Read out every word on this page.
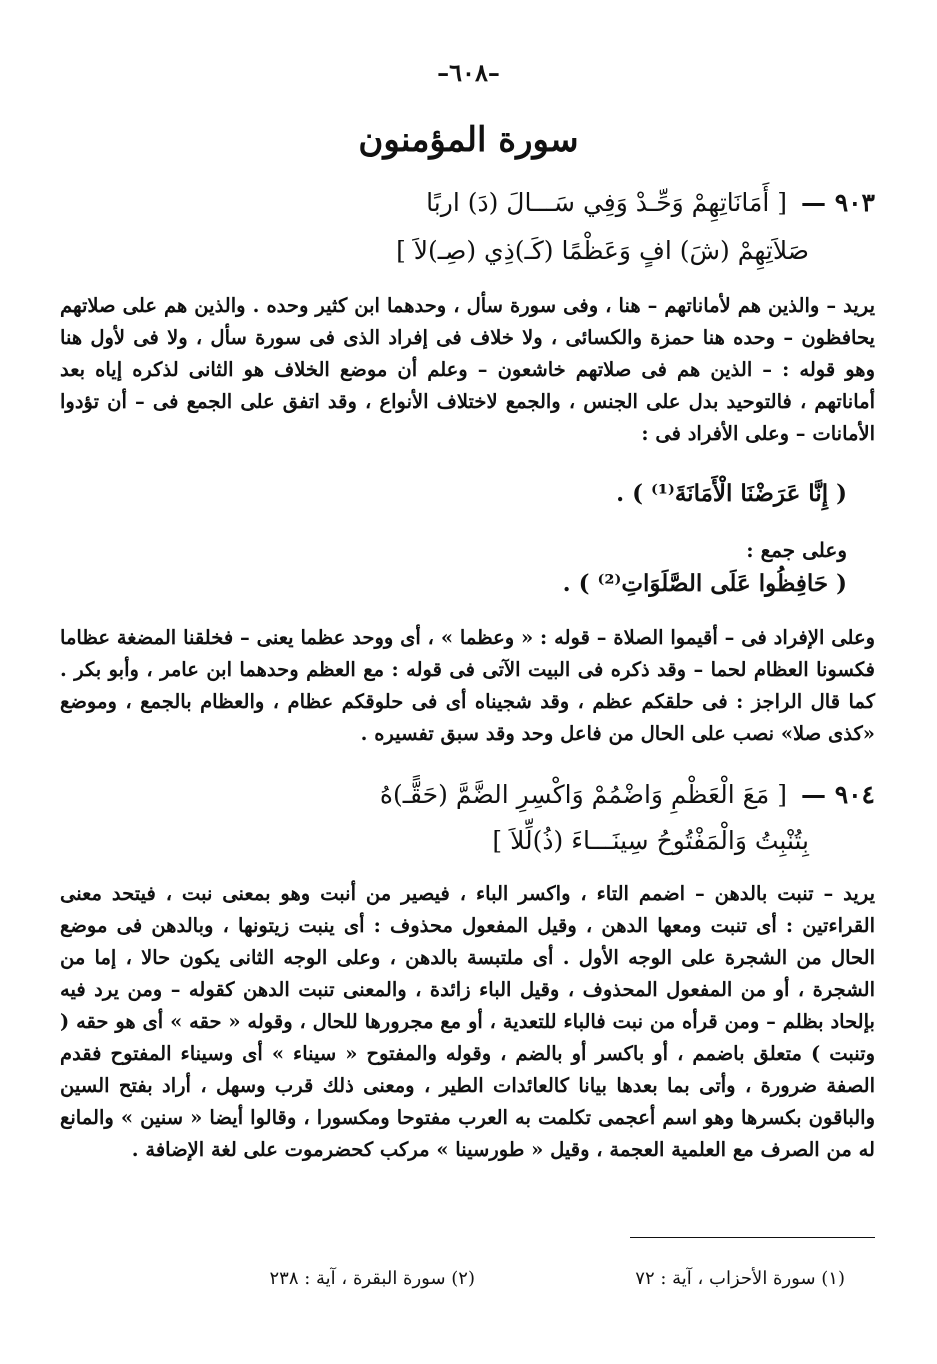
–٦٠٨–
سورة المؤمنون
٩٠٣ — [ أَمَانَاتِهِمْ وَحِّـدْ وَفِي سَـــالَ (دَ) اربًا
صَلاَتِهِمْ (شَ) افٍ وَعَظْمًا (كَـ)ذِي (صِـ)لاَ ]
يريد – والذين هم لأماناتهم – هنا ، وفى سورة سأل ، وحدهما ابن كثير وحده . والذين هم على صلاتهم يحافظون – وحده هنا حمزة والكسائى ، ولا خلاف فى إفراد الذى فى سورة سأل ، ولا فى لأول هنا وهو قوله : – الذين هم فى صلاتهم خاشعون – وعلم أن موضع الخلاف هو الثانى لذكره إياه بعد أماناتهم ، فالتوحيد بدل على الجنس ، والجمع لاختلاف الأنواع ، وقد اتفق على الجمع فى – أن تؤدوا الأمانات – وعلى الأفراد فى :
( إِنَّا عَرَضْنَا الْأَمَانَةَ⁽¹⁾ ) .
وعلى جمع :
( حَافِظُوا عَلَى الصَّلَوَاتِ⁽²⁾ ) .
وعلى الإفراد فى – أقيموا الصلاة – قوله : « وعظما » ، أى ووحد عظما يعنى – فخلقنا المضغة عظاما فكسونا العظام لحما – وقد ذكره فى البيت الآتى فى قوله : مع العظم وحدهما ابن عامر ، وأبو بكر . كما قال الراجز : فى حلقكم عظم ، وقد شجيناه أى فى حلوقكم عظام ، والعظام بالجمع ، وموضع «كذى صلا» نصب على الحال من فاعل وحد وقد سبق تفسيره .
٩٠٤ — [ مَعَ الْعَظْمِ وَاضْمُمْ وَاكْسِرِ الضَّمَّ (حَقًّـ)هُ
بِتُنْبِتُ وَالْمَفْتُوحُ سِينَـــاءَ (ذُ)لِّلاَ ]
يريد – تنبت بالدهن – اضمم التاء ، واكسر الباء ، فيصير من أنبت وهو بمعنى نبت ، فيتحد معنى القراءتين : أى تنبت ومعها الدهن ، وقيل المفعول محذوف : أى ينبت زيتونها ، وبالدهن فى موضع الحال من الشجرة على الوجه الأول . أى ملتبسة بالدهن ، وعلى الوجه الثانى يكون حالا ، إما من الشجرة ، أو من المفعول المحذوف ، وقيل الباء زائدة ، والمعنى تنبت الدهن كقوله – ومن يرد فيه بإلحاد بظلم – ومن قرأه من نبت فالباء للتعدية ، أو مع مجرورها للحال ، وقوله « حقه » أى هو حقه ( وتنبت ) متعلق باضمم ، أو باكسر أو بالضم ، وقوله والمفتوح « سيناء » أى وسيناء المفتوح فقدم الصفة ضرورة ، وأتى بما بعدها بيانا كالعائدات الطير ، ومعنى ذلك قرب وسهل ، أراد بفتح السين والباقون بكسرها وهو اسم أعجمى تكلمت به العرب مفتوحا ومكسورا ، وقالوا أيضا « سنين » والمانع له من الصرف مع العلمية العجمة ، وقيل « طورسينا » مركب كحضرموت على لغة الإضافة .
(١) سورة الأحزاب ، آية : ٧٢
(٢) سورة البقرة ، آية : ٢٣٨
